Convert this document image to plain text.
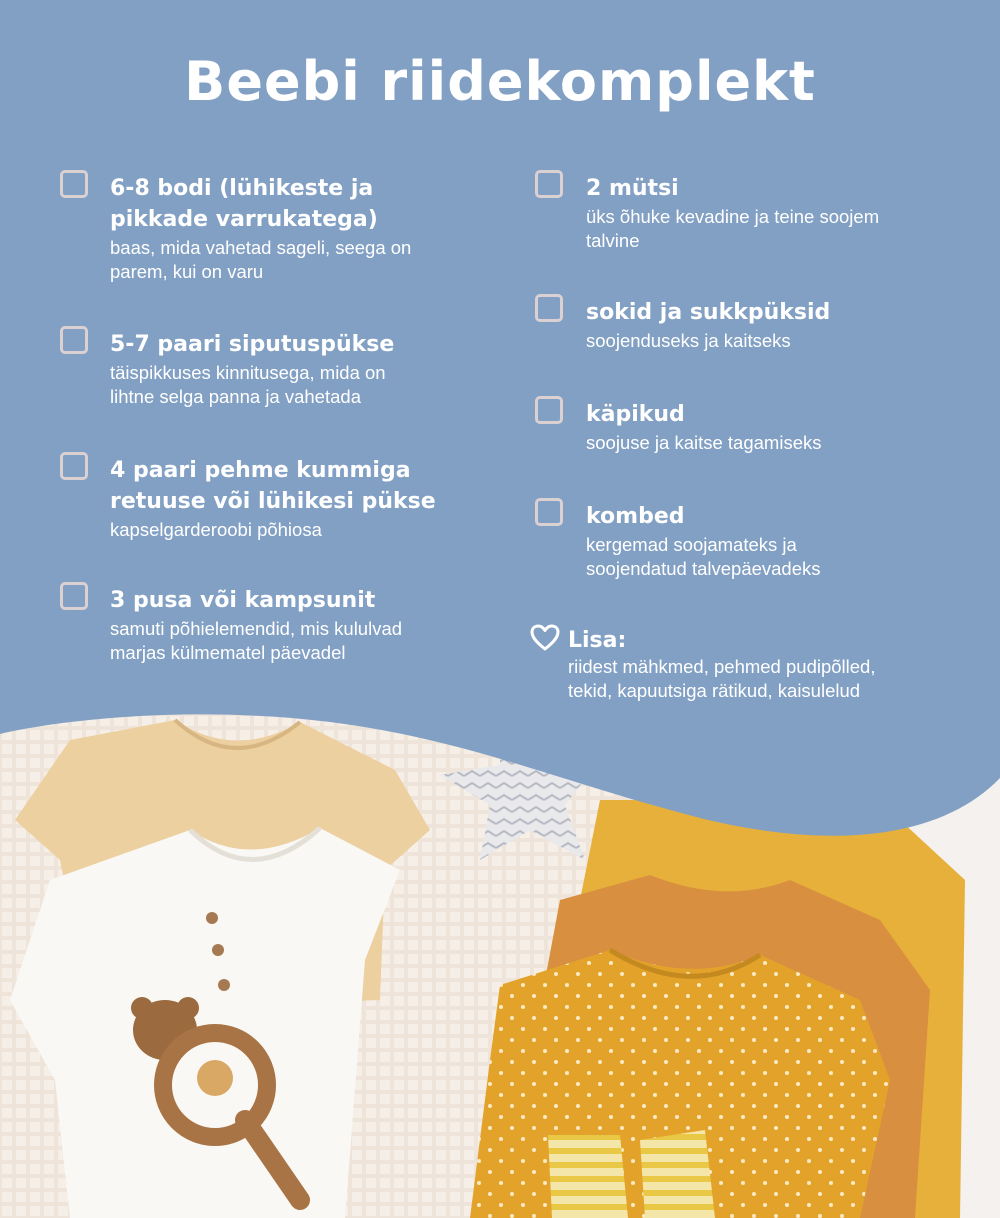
Beebi riidekomplekt
6-8 bodi (lühikeste ja
pikkade varrukatega)
baas, mida vahetad sageli, seega on
parem, kui on varu
5-7 paari siputuspükse
täispikkuses kinnitusega, mida on
lihtne selga panna ja vahetada
4 paari pehme kummiga
retuuse või lühikesi pükse
kapselgarderoobi põhiosa
3 pusa või kampsunit
samuti põhielemendid, mis kululvad
marjas külmematel päevadel
2 mütsi
üks õhuke kevadine ja teine soojem
talvine
sokid ja sukkpüksid
soojenduseks ja kaitseks
käpikud
soojuse ja kaitse tagamiseks
kombed
kergemad soojamateks ja
soojendatud talvepäevadeks
Lisa:
riidest mähkmed, pehmed pudipõlled,
tekid, kapuutsiga rätikud, kaisulelud
